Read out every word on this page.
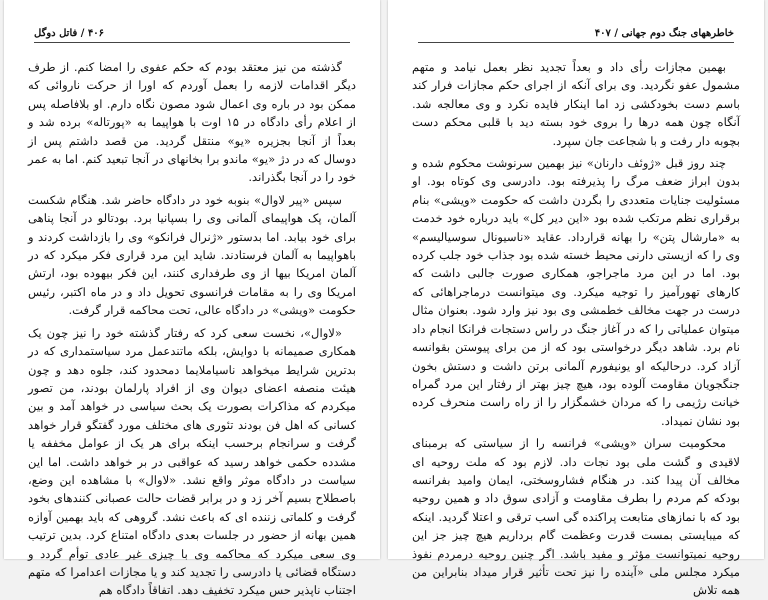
۴۰۶ / فاتل دوگل

گذشته من نیز معتقد بودم که حکم عفوی را امضا کنم. از طرف دیگر اقدامات لازمه را بعمل آوردم که اورا از حرکت ناروائی که ممکن بود در باره وی اعمال شود مصون نگاه دارم. او بلافاصله پس از اعلام رأی دادگاه در ۱۵ اوت با هواپیما به «پورتاله» برده شد و بعداً از آنجا بجزیره «یو» منتقل گردید. من قصد داشتم پس از دوسال که در دژ «یو» ماندو برا بخانهای در آنجا تبعید کنم. اما به عمر خود را در آنجا بگذراند.

سپس «پیر لاوال» بنوبه خود در دادگاه حاضر شد. هنگام شکست آلمان، پک هواپیمای آلمانی وی را بسپانیا برد. بودتالو در آنجا پناهی برای خود بیابد. اما بدستور «ژنرال فرانکو» وی را بازداشت کردند و باهواپیما به آلمان فرستادند. شاید این مرد قراری فکر میکرد که در آلمان امریکا بیها از وی طرفداری کنند، این فکر بیهوده بود، ارتش امریکا وی را به مقامات فرانسوی تحویل داد و در ماه اکتبر، رئیس حکومت «ویشی» در دادگاه عالی، تحت محاکمه قرار گرفت.

«لاوال»، نخست سعی کرد که رفتار گذشته خود را نیز چون یک همکاری صمیمانه با دوایش، بلکه ماتندعمل مرد سیاستمداری که در بدترین شرایط میخواهد ناسیاملایما دمحدود کند، جلوه دهد و چون هیئت منصفه اعضای دیوان وی از افراد پارلمان بودند، من تصور میکردم که مذاکرات بصورت یک بحث سیاسی در خواهد آمد و بین کسانی که اهل فن بودند تئوری های مختلف مورد گفتگو قرار خواهد گرفت و سرانجام برحسب اینکه برای هر یک از عوامل مخففه یا مشدده حکمی خواهد رسید که عواقبی در بر خواهد داشت. اما این سیاست در دادگاه موثر واقع نشد. «لاوال» با مشاهده این وضع، باصطلاح بسیم آخر زد و در برابر قضات حالت عصبانی کنندهای بخود گرفت و کلماتی زننده ای که باعث نشد. گروهی که باید بهمین آوازه همین بهانه از حضور در جلسات بعدی دادگاه امتناع کرد. بدین ترتیب وی سعی میکرد که محاکمه وی با چیزی غیر عادی توأم گردد و دستگاه قضائی یا دادرسی را تجدید کند و یا مجازات اعدامرا که متهم اجتناب ناپذیر حس میکرد تخفیف دهد. اتفاقاً دادگاه هم

خاطرههای جنگ دوم جهانی / ۴۰۷

بهمین مجازات رأی داد و بعداً تجدید نظر بعمل نیامد و متهم مشمول عفو نگردید. وی برای آنکه از اجرای حکم مجازات فرار کند باسم دست بخودکشی زد اما اینکار فایده نکرد و وی معالجه شد. آنگاه چون همه درها را بروی خود بسته دید با قلبی محکم دست بچوبه دار رفت و با شجاعت جان سپرد.

چند روز قبل «ژوئف دارنان» نیز بهمین سرنوشت محکوم شده و بدون ابراز ضعف مرگ را پذیرفته بود. دادرسی وی کوتاه بود. او مسئولیت جنایات متعددی را بگردن داشت که حکومت «ویشی» بنام برقراری نظم مرتکب شده بود «این دیر کل» باید درباره خود خدمت به «مارشال پتن» را بهانه قرارداد. عقاید «ناسیونال سوسیالیسم» وی را که ازیستی دارنی محیط خسته شده بود جذاب خود جلب کرده بود. اما در این مرد ماجراجو، همکاری صورت جالبی داشت که کارهای تهورآمیز را توجیه میکرد. وی میتوانست درماجراهائی که درست در جهت مخالف خطمشی وی بود نیز وارد شود. بعنوان مثال میتوان عملیاتی را که در آغاز جنگ در راس دستجات فرانکا انجام داد نام برد. شاهد دیگر درخواستی بود که از من برای پیوستن بقوانسه آزاد کرد. درحالیکه او یونیفورم آلمانی برتن داشت و دستش بخون جنگجویان مقاومت آلوده بود، هیچ چیز بهتر از رفتار این مرد گمراه خیانت رژیمی را که مردان خشمگزار را از راه راست منحرف کرده بود نشان نمیداد.

محکومیت سران «ویشی» فرانسه را از سیاستی که برمبنای لاقیدی و گشت ملی بود نجات داد. لازم بود که ملت روحیه ای مخالف آن پیدا کند. در هنگام فشاروسختی، ایمان وامید بفرانسه بودکه کم مردم را بطرف مقاومت و آزادی سوق داد و همین روحیه بود که با نمازهای متابعت پراکنده گی اسب ترقی و اعتلا گردید. اینکه که میبایستی بمست قدرت وعظمت گام برداریم هیچ چیز جز این روحیه نمیتوانست مؤثر و مفید باشد. اگر چنین روحیه درمردم نفوذ میکرد مجلس ملی «آینده را نیز تحت تأثیر قرار میداد بنابراین من همه تلاش
